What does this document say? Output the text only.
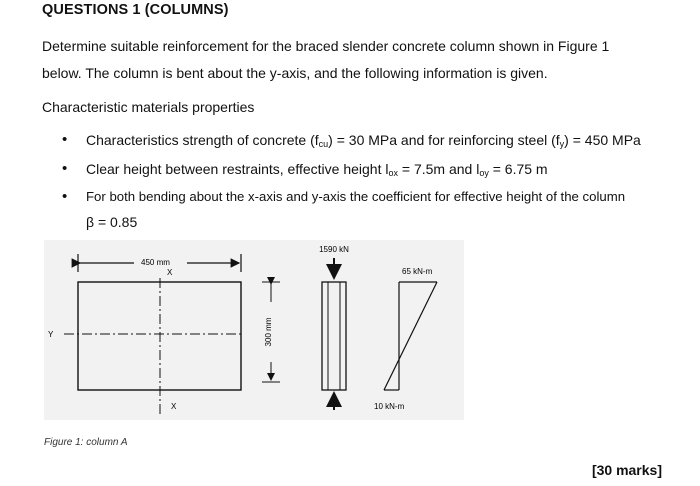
QUESTIONS 1 (COLUMNS)
Determine suitable reinforcement for the braced slender concrete column shown in Figure 1
below. The column is bent about the y-axis, and the following information is given.
Characteristic materials properties
• Characteristics strength of concrete $(f_{cu}) = 30$ MPa and for reinforcing steel $(f_y) = 450$ MPa
• Clear height between restraints, effective height $l_{ox} = 7.5m$ and $l_{oy} = 6.75$ m
• For both bending about the x-axis and y-axis the coefficient for effective height of the column
β = 0.85
450 mm
X
Y
X
300 mm
1590 kN
65 kN-m
10 kN-m
Figure 1: column A
[30 marks]
